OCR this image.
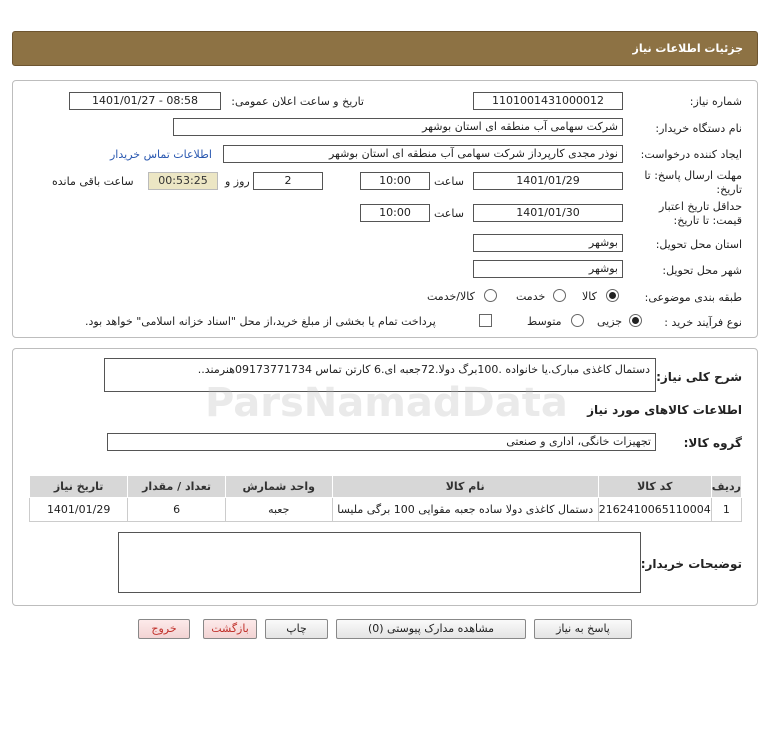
جزئیات اطلاعات نیاز
شماره نیاز:
1101001431000012
تاریخ و ساعت اعلان عمومی:
1401/01/27 - 08:58
نام دستگاه خریدار:
شرکت سهامی آب منطقه ای استان بوشهر
ایجاد کننده درخواست:
نوذر مجدی کارپرداز شرکت سهامی آب منطقه ای استان بوشهر
اطلاعات تماس خریدار
مهلت ارسال پاسخ: تا
تاریخ:
1401/01/29
ساعت
10:00
2
روز و
00:53:25
ساعت باقی مانده
حداقل تاریخ اعتبار
قیمت: تا تاریخ:
1401/01/30
ساعت
10:00
استان محل تحویل:
بوشهر
شهر محل تحویل:
بوشهر
طبقه بندی موضوعی:
کالا
خدمت
کالا/خدمت
نوع فرآیند خرید :
جزیی
متوسط
پرداخت تمام یا بخشی از مبلغ خرید،از محل "اسناد خزانه اسلامی" خواهد بود.
شرح کلی نیاز:
دستمال کاغذی مبارک.یا خانواده .100برگ دولا.72جعبه ای.6 کارتن تماس 09173771734هنرمند..
اطلاعات کالاهای مورد نیاز
گروه کالا:
تجهیزات خانگی، اداری و صنعتی
تاریخ نیاز	تعداد / مقدار	واحد شمارش	نام کالا	کد کالا	ردیف
1401/01/29	6	جعبه	دستمال کاغذی دولا ساده جعبه مقوایی 100 برگی ملیسا	2162410065110004	1
توضیحات خریدار:
ParsNamadData
پاسخ به نیاز
مشاهده مدارک پیوستی (0)
چاپ
بازگشت
خروج
